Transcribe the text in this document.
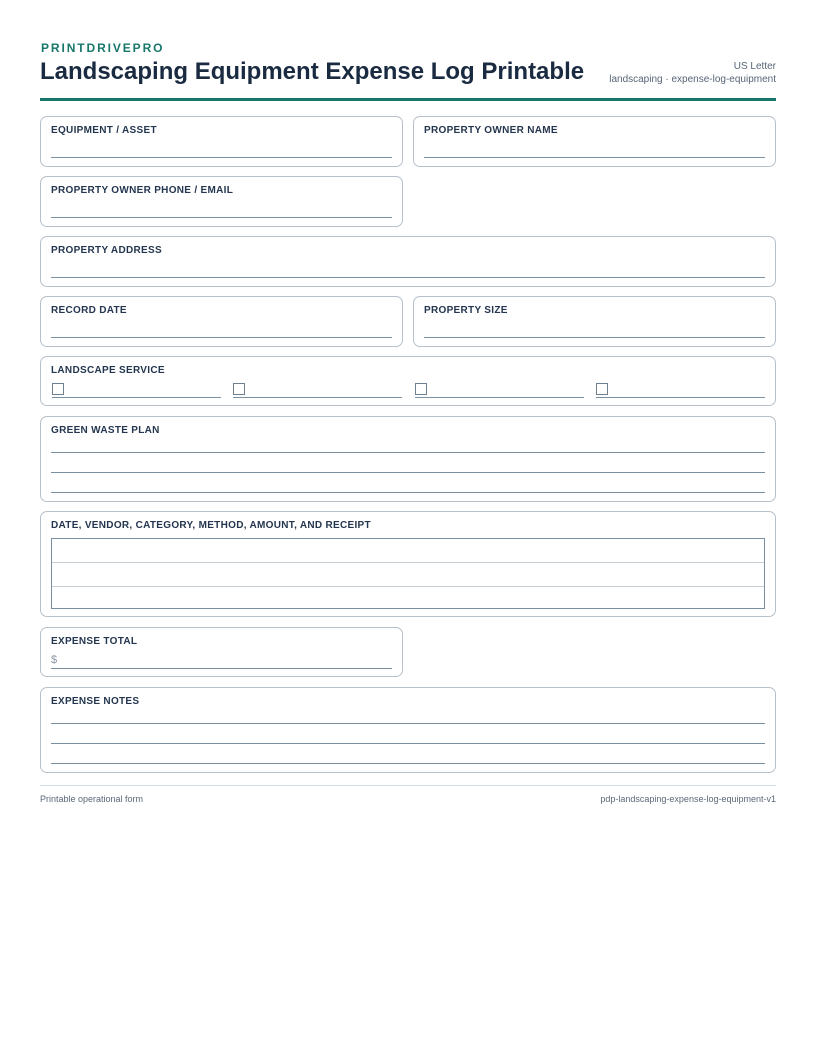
PRINTDRIVEPRO
Landscaping Equipment Expense Log Printable	US Letter
landscaping · expense-log-equipment
EQUIPMENT / ASSET	PROPERTY OWNER NAME
PROPERTY OWNER PHONE / EMAIL
PROPERTY ADDRESS
RECORD DATE	PROPERTY SIZE
LANDSCAPE SERVICE
GREEN WASTE PLAN
DATE, VENDOR, CATEGORY, METHOD, AMOUNT, AND RECEIPT
EXPENSE TOTAL
$
EXPENSE NOTES
Printable operational form	pdp-landscaping-expense-log-equipment-v1
